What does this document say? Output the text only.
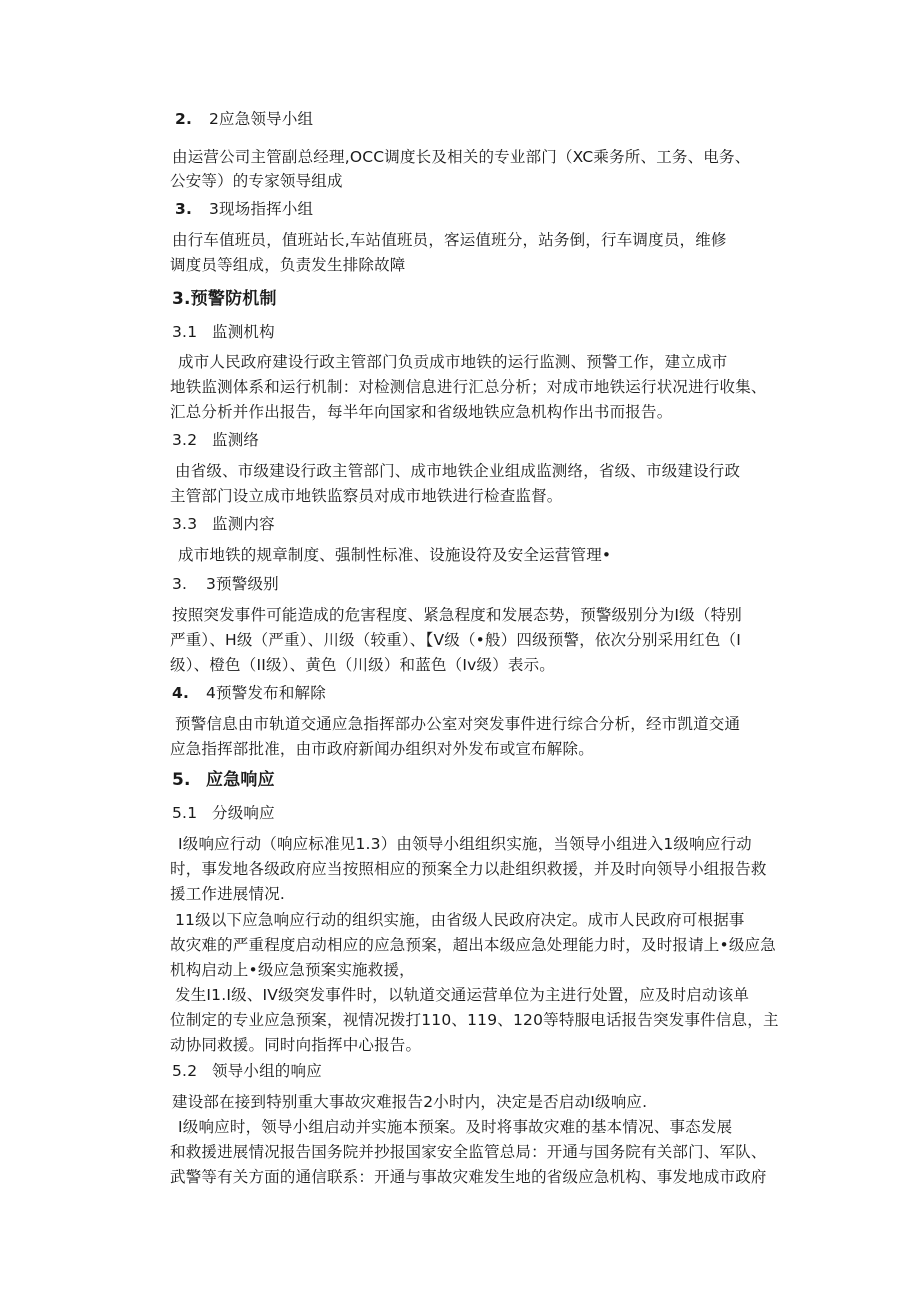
2. 2应急领导小组
由运营公司主管副总经理,OCC调度长及相关的专业部门（XC乘务所、工务、电务、
公安等）的专家领导组成
3. 3现场指挥小组
由行车值班员，值班站长,车站值班员，客运值班分，站务倒，行车调度员，维修
调度员等组成，负责发生排除故障
3.预警防机制
3.1 监测机构
成市人民政府建设行政主管部门负贡成市地铁的运行监测、预警工作，建立成市
地铁监测体系和运行机制：对检测信息进行汇总分析；对成市地铁运行状况进行收集、
汇总分析并作出报告，每半年向国家和省级地铁应急机构作出书而报告。
3.2 监测络
由省级、市级建设行政主管部门、成市地铁企业组成监测络，省级、市级建设行政
主管部门设立成市地铁监察员对成市地铁进行检查监督。
3.3 监测内容
成市地铁的规章制度、强制性标准、设施设符及安全运营管理•
3. 3预警级别
按照突发事件可能造成的危害程度、紧急程度和发展态势，预警级别分为I级（特别
严重）、H级（严重）、川级（较重）、【V级（•般）四级预警，依次分别采用红色（I
级）、橙色（II级）、黄色（川级）和蓝色（Iv级）表示。
4. 4预警发布和解除
预警信息由市轨道交通应急指挥部办公室对突发事件进行综合分析，经市凯道交通
应急指挥部批准，由市政府新闻办组织对外发布或宣布解除。
5. 应急响应
5.1 分级响应
I级响应行动（响应标准见1.3）由领导小组组织实施，当领导小组进入1级响应行动
时，事发地各级政府应当按照相应的预案全力以赴组织救援，并及时向领导小组报告救
援工作进展情况.
11级以下应急响应行动的组织实施，由省级人民政府决定。成市人民政府可根据事
故灾难的严重程度启动相应的应急预案，超出本级应急处理能力时，及时报请上•级应急
机构启动上•级应急预案实施救援，
发生I1.I级、IV级突发事件时，以轨道交通运营单位为主进行处置，应及时启动该单
位制定的专业应急预案，视情况拨打110、119、120等特服电话报告突发事件信息，主
动协同救援。同时向指挥中心报告。
5.2 领导小组的响应
建设部在接到特别重大事故灾难报告2小时内，决定是否启动I级响应.
I级响应时，领导小组启动并实施本预案。及时将事故灾难的基本情况、事态发展
和救援进展情况报告国务院并抄报国家安全监管总局：开通与国务院有关部门、军队、
武警等有关方面的通信联系：开通与事故灾难发生地的省级应急机构、事发地成市政府
